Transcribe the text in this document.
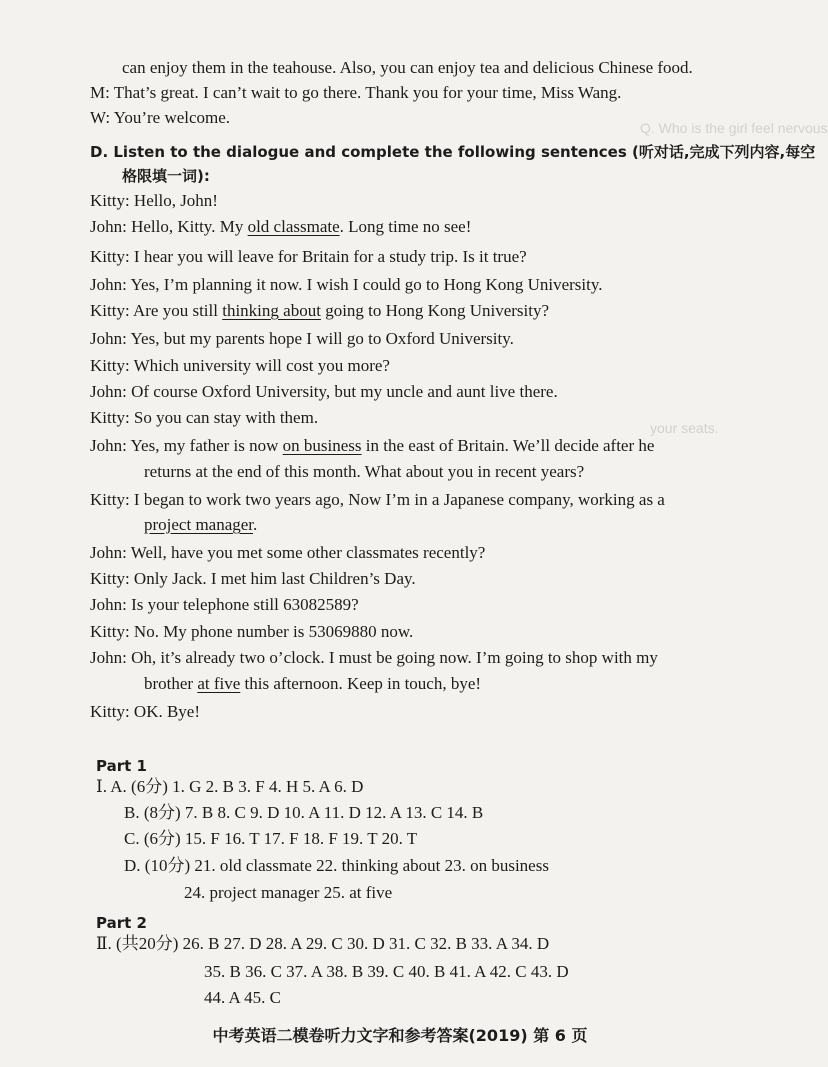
Q. Who is the girl feel nervous
your seats.
can enjoy them in the teahouse. Also, you can enjoy tea and delicious Chinese food.
M: That’s great. I can’t wait to go there. Thank you for your time, Miss Wang.
W: You’re welcome.
D. Listen to the dialogue and complete the following sentences (听对话,完成下列内容,每空
格限填一词):
Kitty: Hello, John!
John: Hello, Kitty. My old classmate. Long time no see!
Kitty: I hear you will leave for Britain for a study trip. Is it true?
John: Yes, I’m planning it now. I wish I could go to Hong Kong University.
Kitty: Are you still thinking about going to Hong Kong University?
John: Yes, but my parents hope I will go to Oxford University.
Kitty: Which university will cost you more?
John: Of course Oxford University, but my uncle and aunt live there.
Kitty: So you can stay with them.
John: Yes, my father is now on business in the east of Britain. We’ll decide after he
returns at the end of this month. What about you in recent years?
Kitty: I began to work two years ago, Now I’m in a Japanese company, working as a
project manager.
John: Well, have you met some other classmates recently?
Kitty: Only Jack. I met him last Children’s Day.
John: Is your telephone still 63082589?
Kitty: No. My phone number is 53069880 now.
John: Oh, it’s already two o’clock. I must be going now. I’m going to shop with my
brother at five this afternoon. Keep in touch, bye!
Kitty: OK. Bye!
Part 1
Ⅰ. A. (6分) 1. G 2. B 3. F 4. H 5. A 6. D
B. (8分) 7. B 8. C 9. D 10. A 11. D 12. A 13. C 14. B
C. (6分) 15. F 16. T 17. F 18. F 19. T 20. T
D. (10分) 21. old classmate 22. thinking about 23. on business
24. project manager 25. at five
Part 2
Ⅱ. (共20分) 26. B 27. D 28. A 29. C 30. D 31. C 32. B 33. A 34. D
35. B 36. C 37. A 38. B 39. C 40. B 41. A 42. C 43. D
44. A 45. C
中考英语二模卷听力文字和参考答案(2019) 第 6 页
